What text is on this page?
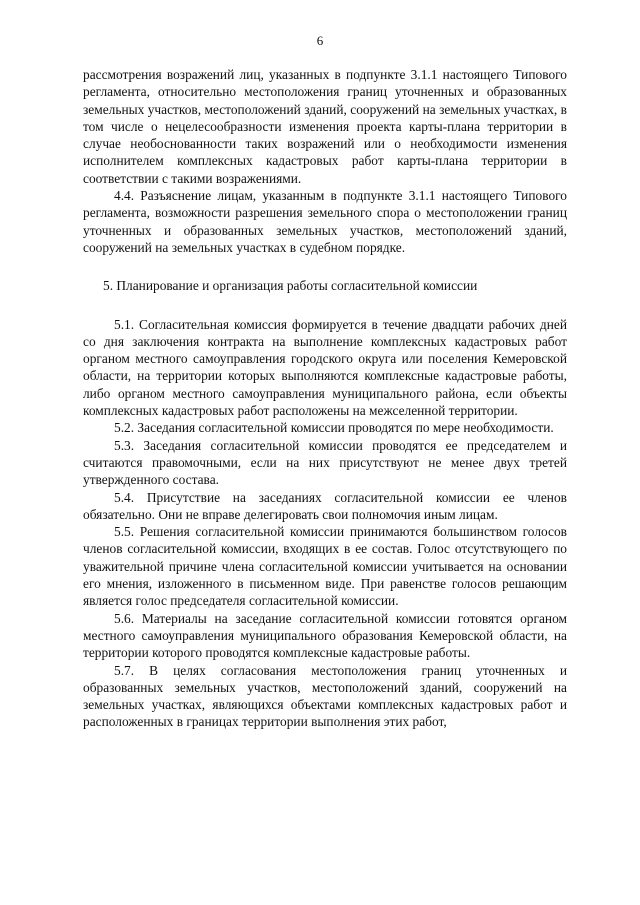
6

рассмотрения возражений лиц, указанных в подпункте 3.1.1 настоящего Типового регламента, относительно местоположения границ уточненных и образованных земельных участков, местоположений зданий, сооружений на земельных участках, в том числе о нецелесообразности изменения проекта карты-плана территории в случае необоснованности таких возражений или о необходимости изменения исполнителем комплексных кадастровых работ карты-плана территории в соответствии с такими возражениями.

4.4. Разъяснение лицам, указанным в подпункте 3.1.1 настоящего Типового регламента, возможности разрешения земельного спора о местоположении границ уточненных и образованных земельных участков, местоположений зданий, сооружений на земельных участках в судебном порядке.

5. Планирование и организация работы согласительной комиссии

5.1. Согласительная комиссия формируется в течение двадцати рабочих дней со дня заключения контракта на выполнение комплексных кадастровых работ органом местного самоуправления городского округа или поселения Кемеровской области, на территории которых выполняются комплексные кадастровые работы, либо органом местного самоуправления муниципального района, если объекты комплексных кадастровых работ расположены на межселенной территории.

5.2. Заседания согласительной комиссии проводятся по мере необходимости.

5.3. Заседания согласительной комиссии проводятся ее председателем и считаются правомочными, если на них присутствуют не менее двух третей утвержденного состава.

5.4. Присутствие на заседаниях согласительной комиссии ее членов обязательно. Они не вправе делегировать свои полномочия иным лицам.

5.5. Решения согласительной комиссии принимаются большинством голосов членов согласительной комиссии, входящих в ее состав. Голос отсутствующего по уважительной причине члена согласительной комиссии учитывается на основании его мнения, изложенного в письменном виде. При равенстве голосов решающим является голос председателя согласительной комиссии.

5.6. Материалы на заседание согласительной комиссии готовятся органом местного самоуправления муниципального образования Кемеровской области, на территории которого проводятся комплексные кадастровые работы.

5.7. В целях согласования местоположения границ уточненных и образованных земельных участков, местоположений зданий, сооружений на земельных участках, являющихся объектами комплексных кадастровых работ и расположенных в границах территории выполнения этих работ,
